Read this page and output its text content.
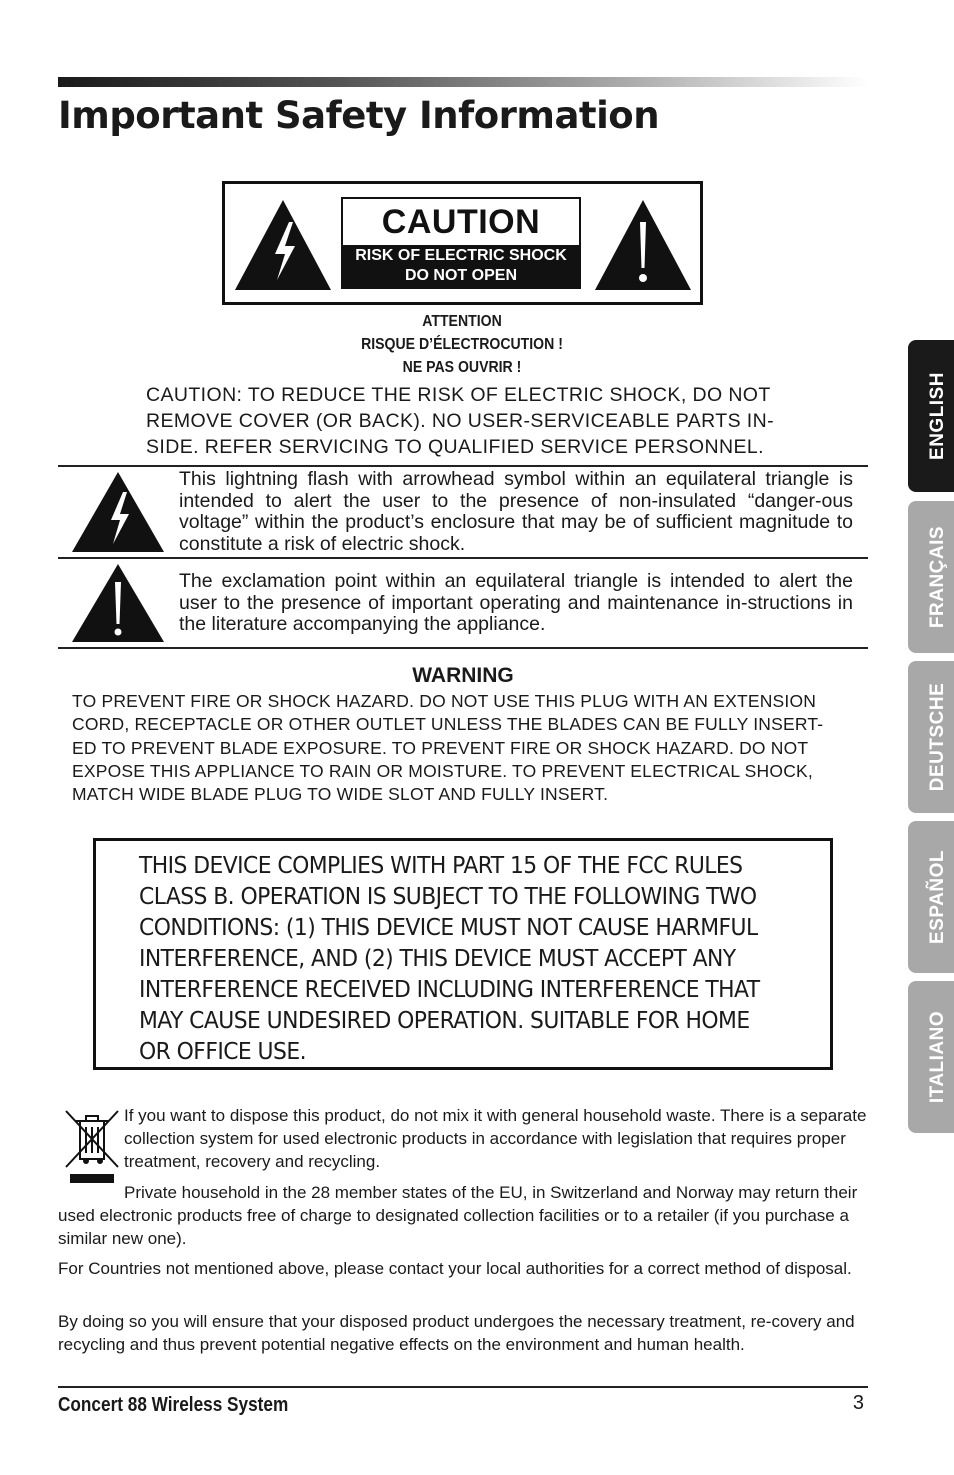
Important Safety Information
CAUTION
RISK OF ELECTRIC SHOCK
DO NOT OPEN
ATTENTION
RISQUE D’ÉLECTROCUTION !
NE PAS OUVRIR !
CAUTION: TO REDUCE THE RISK OF ELECTRIC SHOCK, DO NOT REMOVE COVER (OR BACK). NO USER-SERVICEABLE PARTS IN-SIDE. REFER SERVICING TO QUALIFIED SERVICE PERSONNEL.
This lightning flash with arrowhead symbol within an equilateral triangle is intended to alert the user to the presence of non-insulated “danger-ous voltage” within the product’s enclosure that may be of sufficient magnitude to constitute a risk of electric shock.
The exclamation point within an equilateral triangle is intended to alert the user to the presence of important operating and maintenance in-structions in the literature accompanying the appliance.
WARNING
TO PREVENT FIRE OR SHOCK HAZARD. DO NOT USE THIS PLUG WITH AN EXTENSION CORD, RECEPTACLE OR OTHER OUTLET UNLESS THE BLADES CAN BE FULLY INSERT-ED TO PREVENT BLADE EXPOSURE. TO PREVENT FIRE OR SHOCK HAZARD. DO NOT EXPOSE THIS APPLIANCE TO RAIN OR MOISTURE. TO PREVENT ELECTRICAL SHOCK, MATCH WIDE BLADE PLUG TO WIDE SLOT AND FULLY INSERT.
THIS DEVICE COMPLIES WITH PART 15 OF THE FCC RULES
CLASS B. OPERATION IS SUBJECT TO THE FOLLOWING TWO
CONDITIONS: (1) THIS DEVICE MUST NOT CAUSE HARMFUL
INTERFERENCE, AND (2) THIS DEVICE MUST ACCEPT ANY
INTERFERENCE RECEIVED INCLUDING INTERFERENCE THAT
MAY CAUSE UNDESIRED OPERATION. SUITABLE FOR HOME
OR OFFICE USE.
If you want to dispose this product, do not mix it with general household waste. There is a separate collection system for used electronic products in accordance with legislation that requires proper treatment, recovery and recycling.
Private household in the 28 member states of the EU, in Switzerland and Norway may return their used electronic products free of charge to designated collection facilities or to a retailer (if you purchase a similar new one).
For Countries not mentioned above, please contact your local authorities for a correct method of disposal.
By doing so you will ensure that your disposed product undergoes the necessary treatment, re-covery and recycling and thus prevent potential negative effects on the environment and human health.
Concert 88 Wireless System	3
ENGLISH
FRANÇAIS
DEUTSCHE
ESPAÑOL
ITALIANO
